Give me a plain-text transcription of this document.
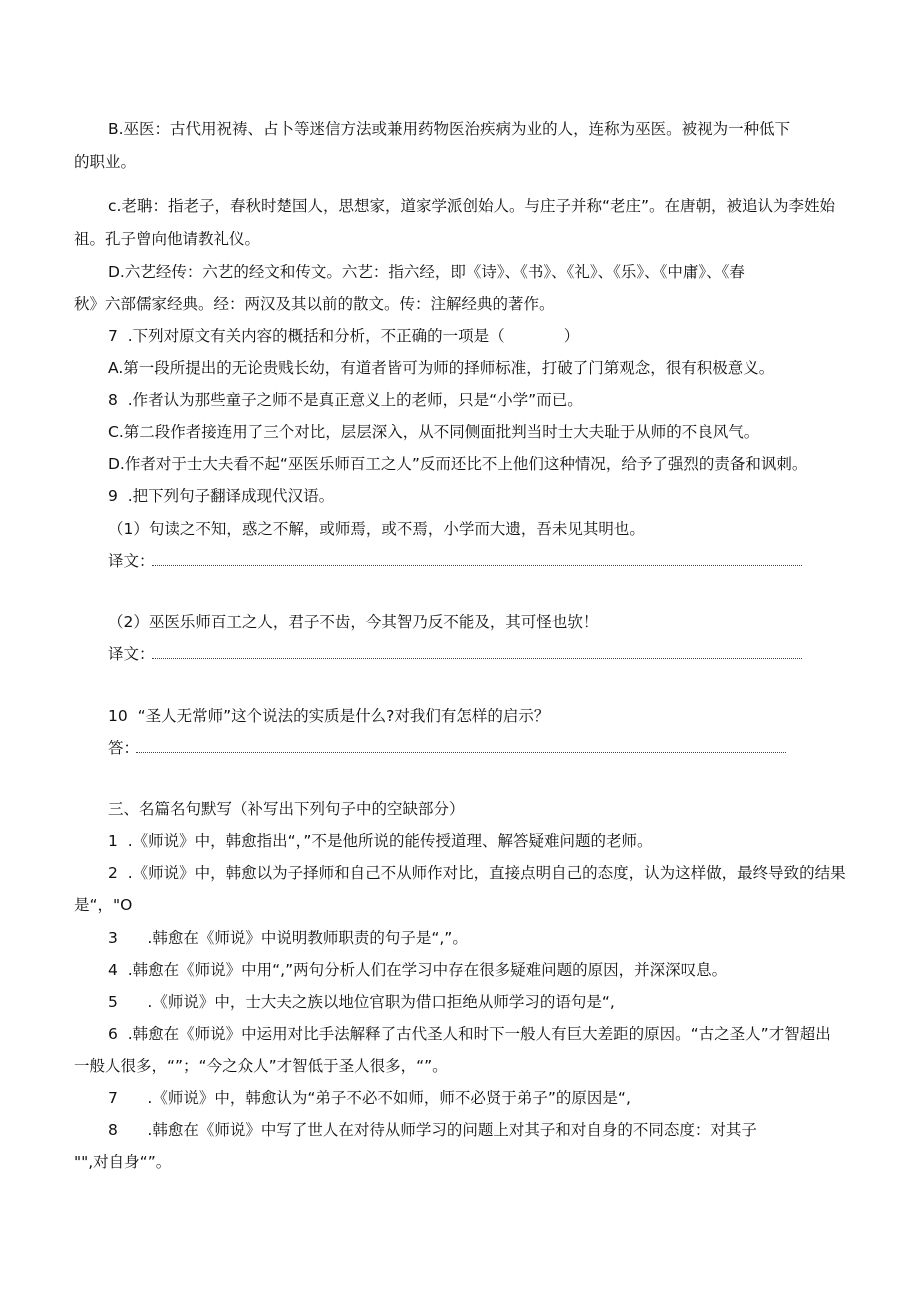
B.巫医：古代用祝祷、占卜等迷信方法或兼用药物医治疾病为业的人，连称为巫医。被视为一种低下
的职业。
c.老聃：指老子，春秋时楚国人，思想家，道家学派创始人。与庄子并称“老庄”。在唐朝，被追认为李姓始
祖。孔子曾向他请教礼仪。
D.六艺经传：六艺的经文和传文。六艺：指六经，即《诗》、《书》、《礼》、《乐》、《中庸》、《春
秋》六部儒家经典。经：两汉及其以前的散文。传：注解经典的著作。
7  .下列对原文有关内容的概括和分析，不正确的一项是（            ）
A.第一段所提出的无论贵贱长幼，有道者皆可为师的择师标准，打破了门第观念，很有积极意义。
8  .作者认为那些童子之师不是真正意义上的老师，只是“小学”而已。
C.第二段作者接连用了三个对比，层层深入，从不同侧面批判当时士大夫耻于从师的不良风气。
D.作者对于士大夫看不起“巫医乐师百工之人”反而还比不上他们这种情况，给予了强烈的责备和讽刺。
9  .把下列句子翻译成现代汉语。
（1）句读之不知，惑之不解，或师焉，或不焉，小学而大遗，吾未见其明也。
译文：
（2）巫医乐师百工之人，君子不齿，今其智乃反不能及，其可怪也欤！
译文：
10  “圣人无常师”这个说法的实质是什么?对我们有怎样的启示？
答：
三、名篇名句默写（补写出下列句子中的空缺部分）
1  .《师说》中，韩愈指出“，”不是他所说的能传授道理、解答疑难问题的老师。
2  .《师说》中，韩愈以为子择师和自己不从师作对比，直接点明自己的态度，认为这样做，最终导致的结果
是“，"O
3      .韩愈在《师说》中说明教师职责的句子是“,”。
4  .韩愈在《师说》中用“,”两句分析人们在学习中存在很多疑难问题的原因，并深深叹息。
5      .《师说》中，士大夫之族以地位官职为借口拒绝从师学习的语句是“,
6  .韩愈在《师说》中运用对比手法解释了古代圣人和时下一般人有巨大差距的原因。“古之圣人”才智超出
一般人很多，“”；“今之众人”才智低于圣人很多，“”。
7      .《师说》中，韩愈认为“弟子不必不如师，师不必贤于弟子”的原因是“,
8      .韩愈在《师说》中写了世人在对待从师学习的问题上对其子和对自身的不同态度：对其子
"",对自身“”。
